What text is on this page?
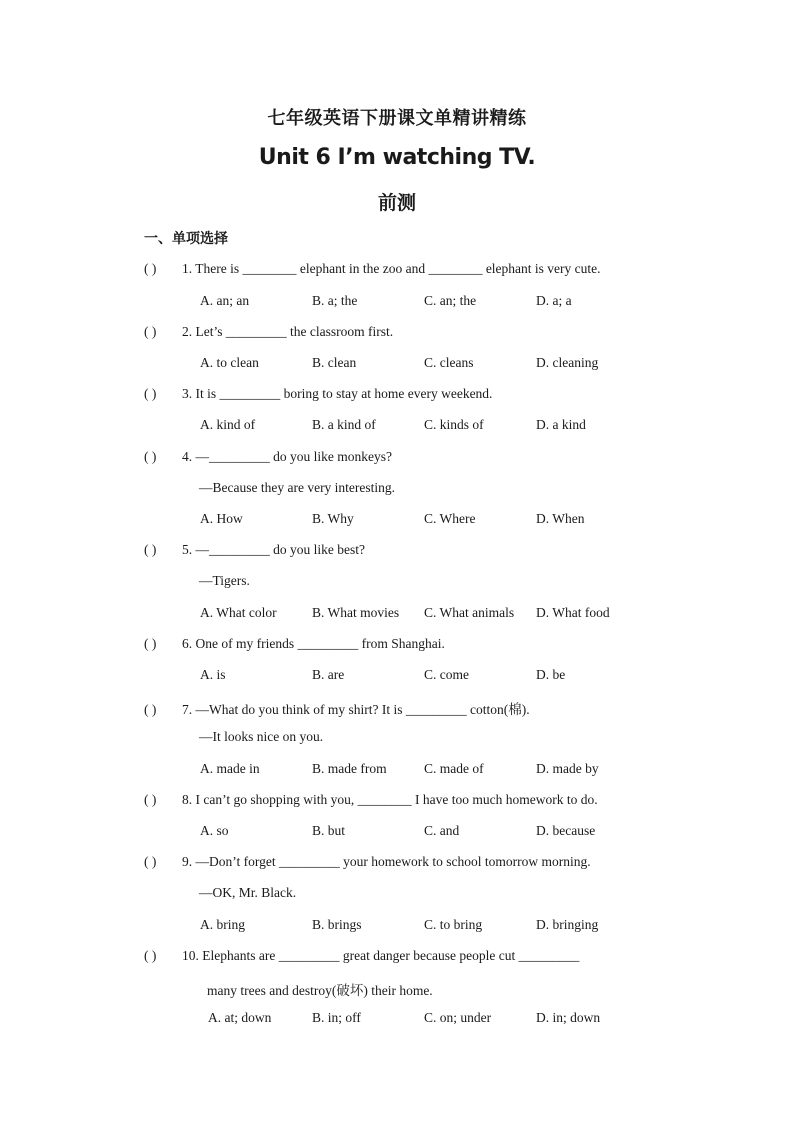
七年级英语下册课文单精讲精练
Unit 6 I’m watching TV.
前测
一、单项选择
( ) 1. There is ________ elephant in the zoo and ________ elephant is very cute.
A. an; an	B. a; the	C. an; the	D. a; a
( ) 2. Let’s _________ the classroom first.
A. to clean	B. clean	C. cleans	D. cleaning
( ) 3. It is _________ boring to stay at home every weekend.
A. kind of	B. a kind of	C. kinds of	D. a kind
( ) 4. —_________ do you like monkeys?
—Because they are very interesting.
A. How	B. Why	C. Where	D. When
( ) 5. —_________ do you like best?
—Tigers.
A. What color	B. What movies C. What animals D. What food
( ) 6. One of my friends _________ from Shanghai.
A. is	B. are	C. come	D. be
( ) 7. —What do you think of my shirt? It is _________ cotton(棉).
—It looks nice on you.
A. made in	B. made from	C. made of	D. made by
( ) 8. I can’t go shopping with you, ________ I have too much homework to do.
A. so	B. but	C. and	D. because
( ) 9. —Don’t forget _________ your homework to school tomorrow morning.
—OK, Mr. Black.
A. bring	B. brings	C. to bring	D. bringing
( ) 10. Elephants are _________ great danger because people cut _________
many trees and destroy(破坏) their home.
A. at; down	B. in; off	C. on; under	D. in; down
